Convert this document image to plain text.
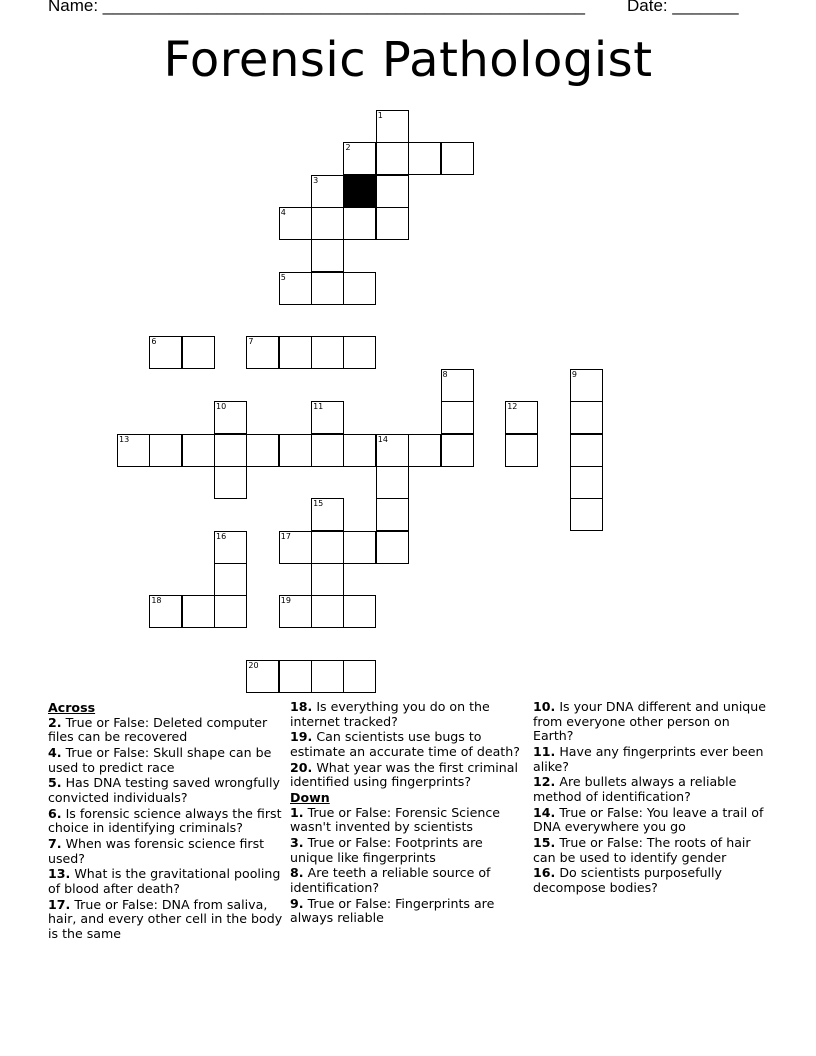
Name: ___________________________________________________ Date: _______
Forensic Pathologist
1
2
3
4
5
6	7
8	9
10	11	12
13	14
15
16	17
18	19
20
Across
2. True or False: Deleted computer files can be recovered
4. True or False: Skull shape can be used to predict race
5. Has DNA testing saved wrongfully convicted individuals?
6. Is forensic science always the first choice in identifying criminals?
7. When was forensic science first used?
13. What is the gravitational pooling of blood after death?
17. True or False: DNA from saliva, hair, and every other cell in the body is the same
18. Is everything you do on the internet tracked?
19. Can scientists use bugs to estimate an accurate time of death?
20. What year was the first criminal identified using fingerprints?
Down
1. True or False: Forensic Science wasn't invented by scientists
3. True or False: Footprints are unique like fingerprints
8. Are teeth a reliable source of identification?
9. True or False: Fingerprints are always reliable
10. Is your DNA different and unique from everyone other person on Earth?
11. Have any fingerprints ever been alike?
12. Are bullets always a reliable method of identification?
14. True or False: You leave a trail of DNA everywhere you go
15. True or False: The roots of hair can be used to identify gender
16. Do scientists purposefully decompose bodies?
